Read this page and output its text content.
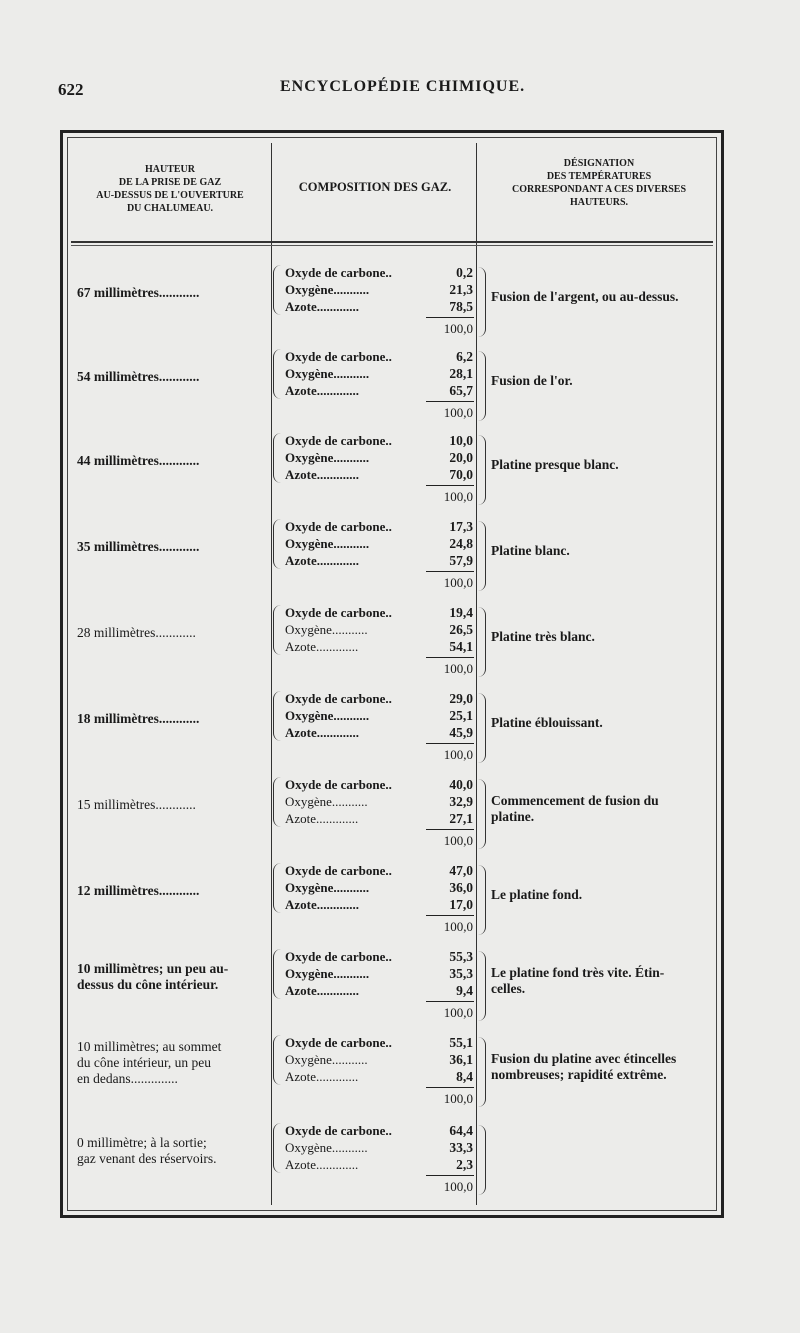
622	ENCYCLOPÉDIE CHIMIQUE.
HAUTEUR
DE LA PRISE DE GAZ
AU-DESSUS DE L'OUVERTURE
DU CHALUMEAU.
COMPOSITION DES GAZ.
DÉSIGNATION
DES TEMPÉRATURES
CORRESPONDANT A CES DIVERSES
HAUTEURS.
67 millimètres............
Oxyde de carbone..	0,2
Oxygène...........	21,3
Azote.............	78,5
100,0
Fusion de l'argent, ou au-dessus.
54 millimètres............
Oxyde de carbone..	6,2
Oxygène...........	28,1
Azote.............	65,7
100,0
Fusion de l'or.
44 millimètres............
Oxyde de carbone..	10,0
Oxygène...........	20,0
Azote.............	70,0
100,0
Platine presque blanc.
35 millimètres............
Oxyde de carbone..	17,3
Oxygène...........	24,8
Azote.............	57,9
100,0
Platine blanc.
28 millimètres............
Oxyde de carbone..	19,4
Oxygène...........	26,5
Azote.............	54,1
100,0
Platine très blanc.
18 millimètres............
Oxyde de carbone..	29,0
Oxygène...........	25,1
Azote.............	45,9
100,0
Platine éblouissant.
15 millimètres............
Oxyde de carbone..	40,0
Oxygène...........	32,9
Azote.............	27,1
100,0
Commencement de fusion du
platine.
12 millimètres............
Oxyde de carbone..	47,0
Oxygène...........	36,0
Azote.............	17,0
100,0
Le platine fond.
10 millimètres; un peu au-
dessus du cône intérieur.
Oxyde de carbone..	55,3
Oxygène...........	35,3
Azote.............	9,4
100,0
Le platine fond très vite. Étin-
celles.
10 millimètres; au sommet
du cône intérieur, un peu
en dedans..............
Oxyde de carbone..	55,1
Oxygène...........	36,1
Azote.............	8,4
100,0
Fusion du platine avec étincelles
nombreuses; rapidité extrême.
0 millimètre; à la sortie;
gaz venant des réservoirs.
Oxyde de carbone..	64,4
Oxygène...........	33,3
Azote.............	2,3
100,0
